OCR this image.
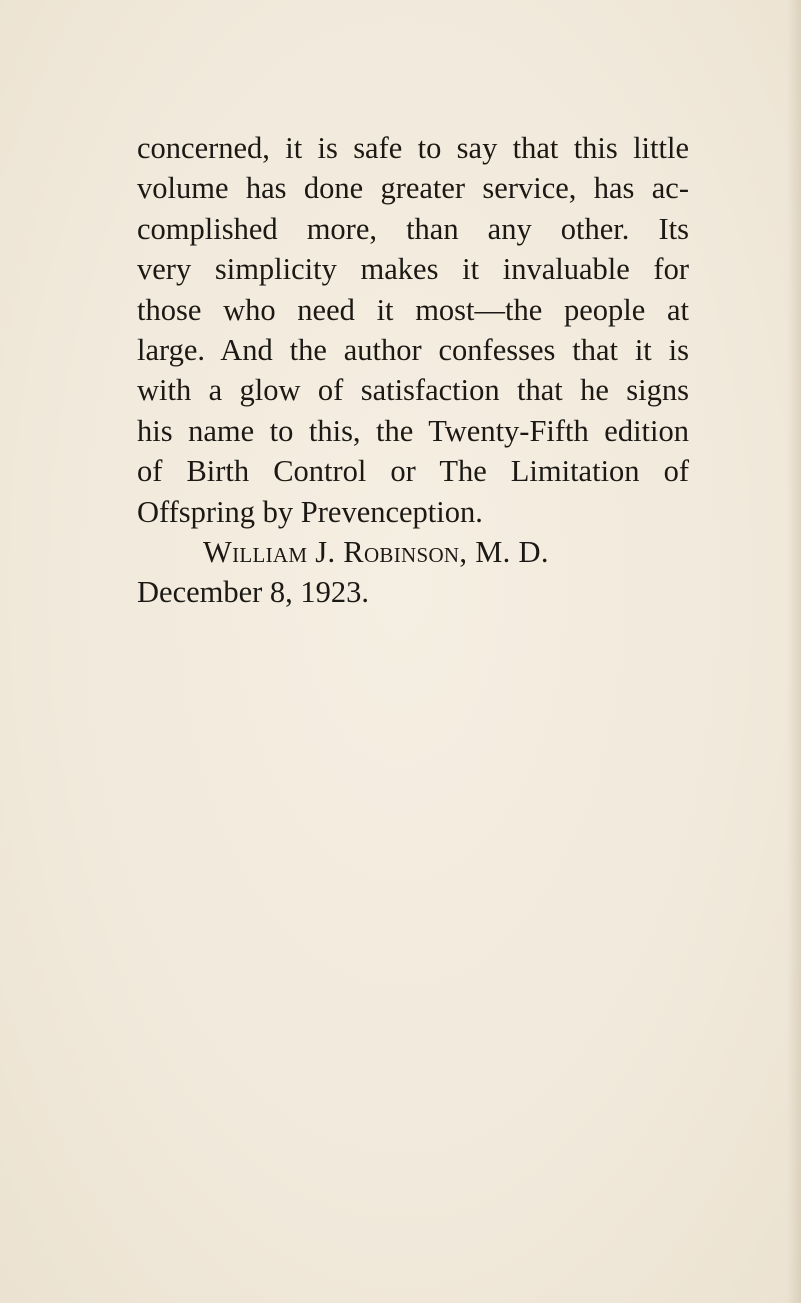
concerned, it is safe to say that this little
volume has done greater service, has ac-
complished more, than any other. Its
very simplicity makes it invaluable for
those who need it most—the people at
large. And the author confesses that it is
with a glow of satisfaction that he signs
his name to this, the Twenty-Fifth edition
of Birth Control or The Limitation of
Offspring by Prevenception.
William J. Robinson, M. D.
December 8, 1923.
